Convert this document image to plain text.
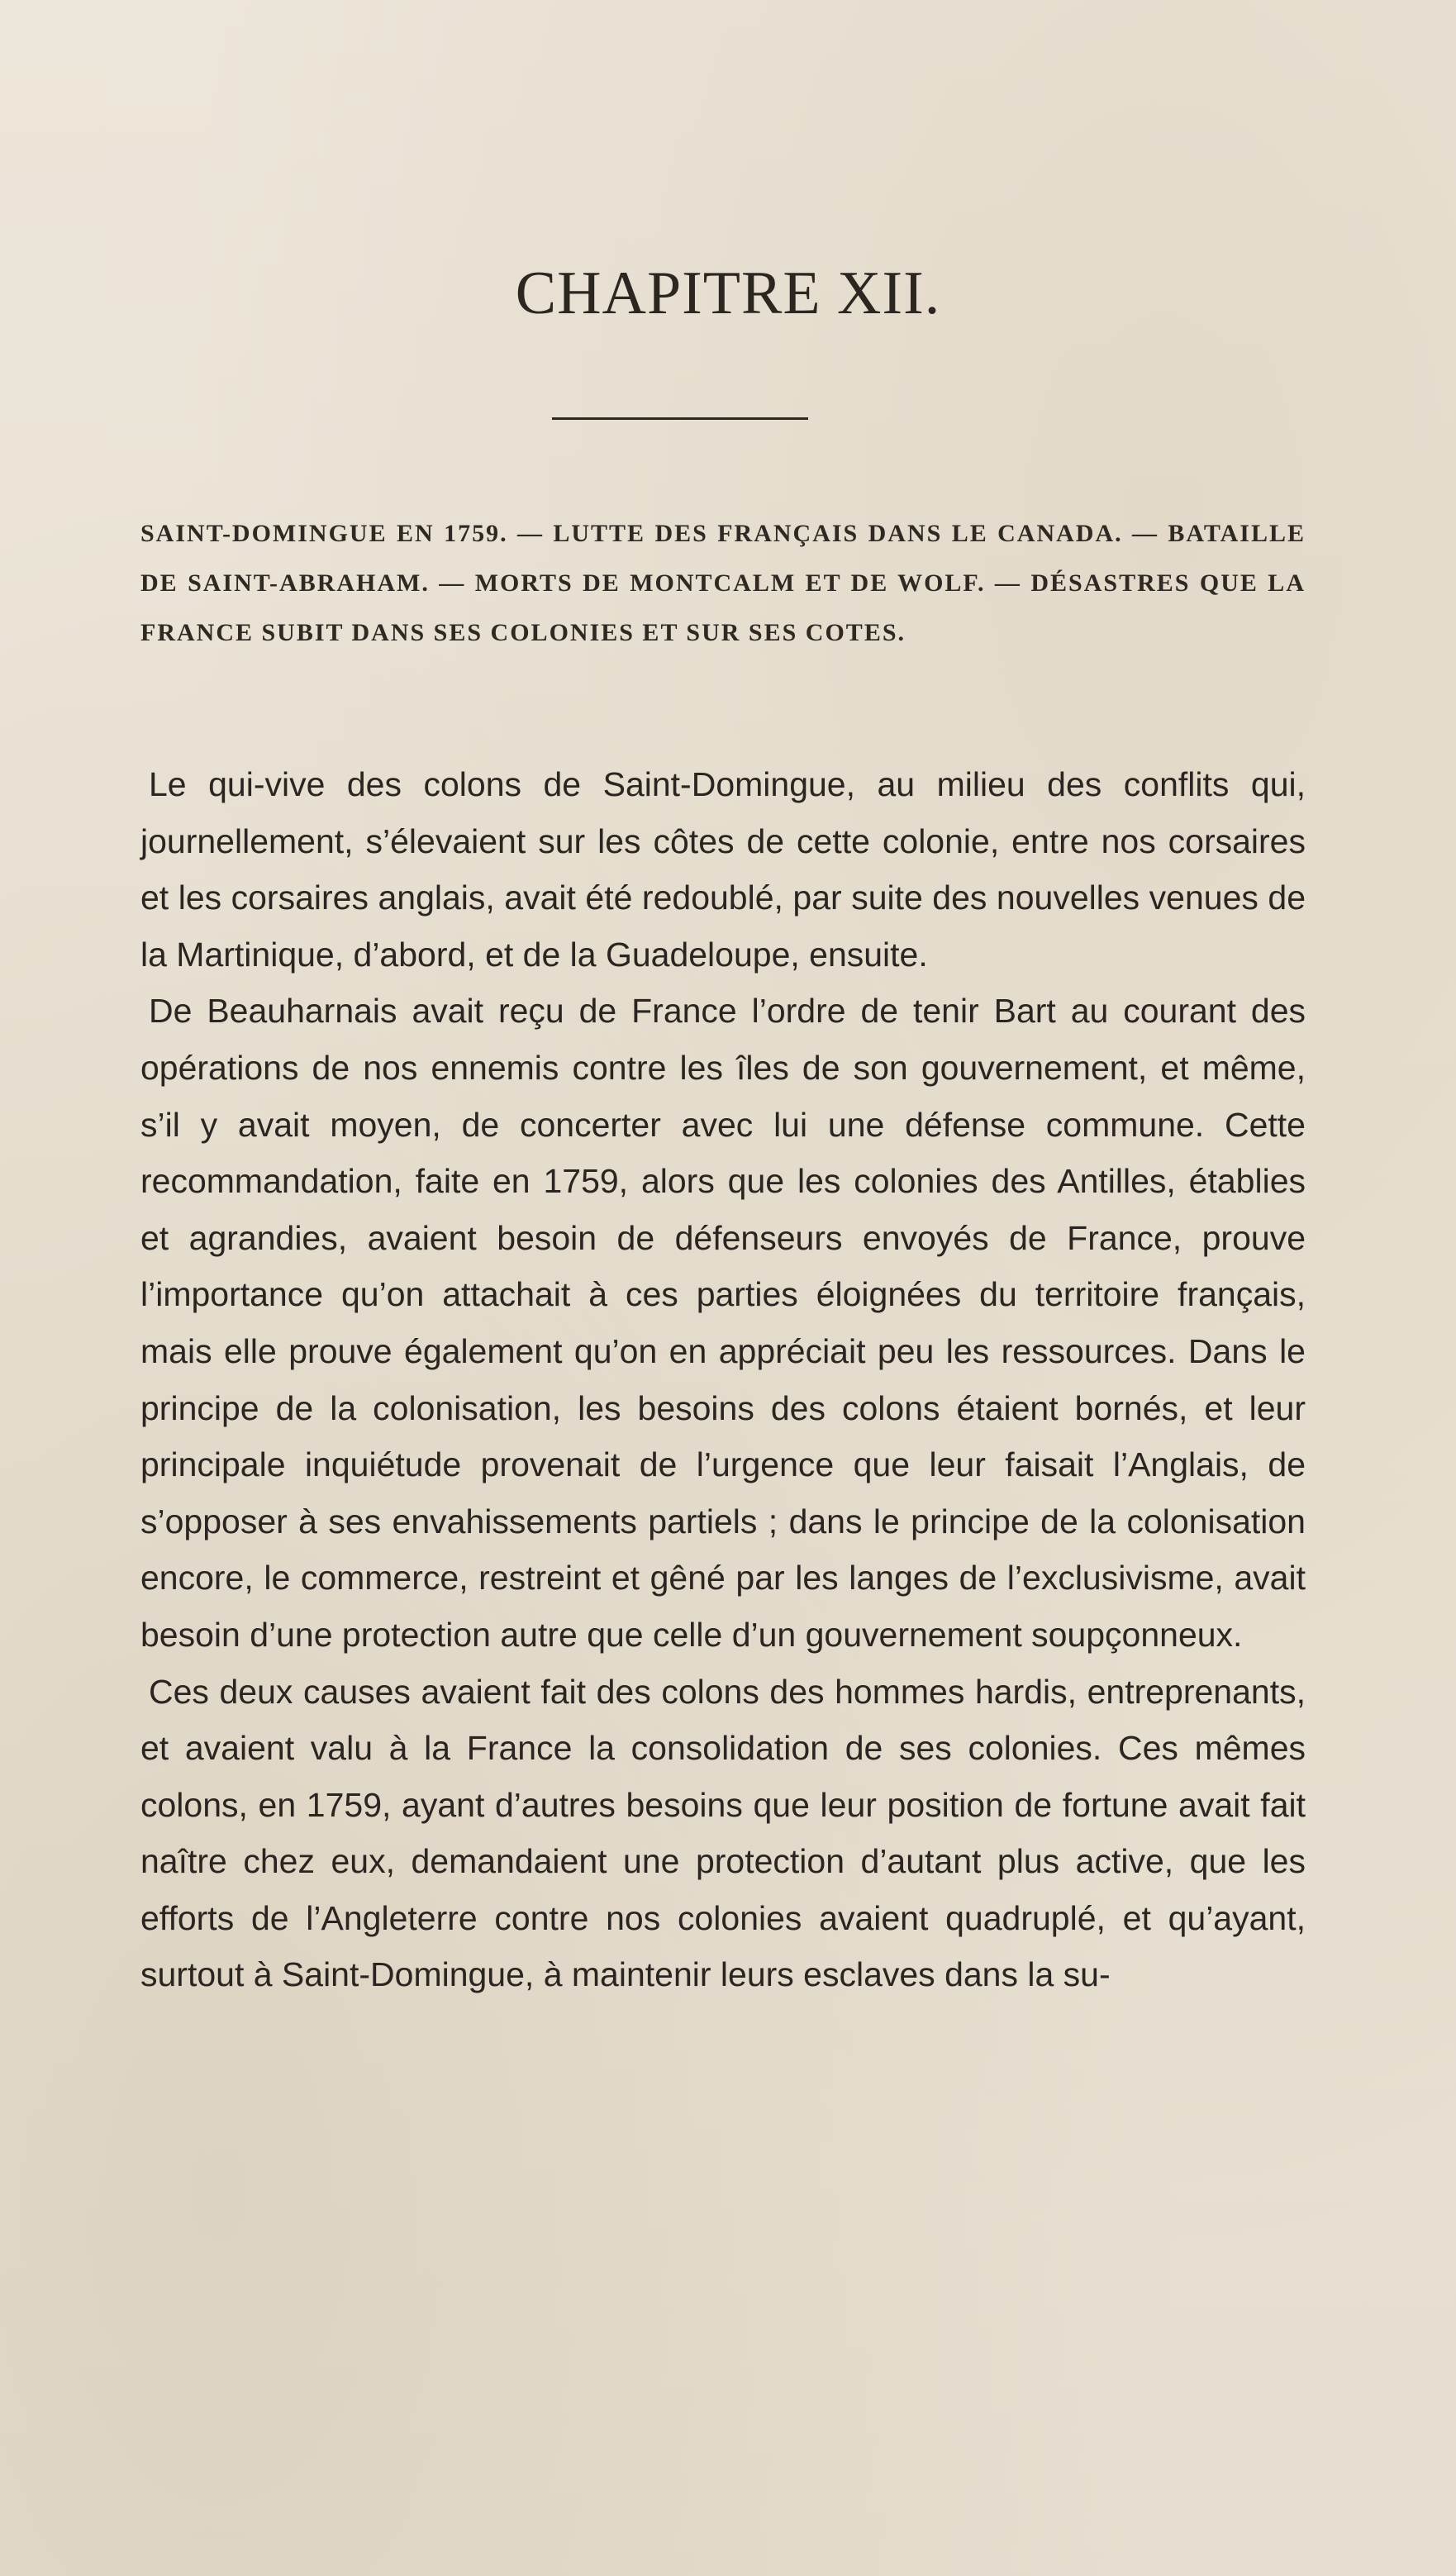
CHAPITRE XII.
SAINT-DOMINGUE EN 1759. — LUTTE DES FRANÇAIS DANS LE CANADA. — BATAILLE DE SAINT-ABRAHAM. — MORTS DE MONTCALM ET DE WOLF. — DÉSASTRES QUE LA FRANCE SUBIT DANS SES COLONIES ET SUR SES COTES.

Le qui-vive des colons de Saint-Domingue, au milieu des conflits qui, journellement, s’élevaient sur les côtes de cette colonie, entre nos corsaires et les corsaires anglais, avait été redoublé, par suite des nouvelles venues de la Martinique, d’abord, et de la Guadeloupe, ensuite.

De Beauharnais avait reçu de France l’ordre de tenir Bart au courant des opérations de nos ennemis contre les îles de son gouvernement, et même, s’il y avait moyen, de concerter avec lui une défense commune. Cette recommandation, faite en 1759, alors que les colonies des Antilles, établies et agrandies, avaient besoin de défenseurs envoyés de France, prouve l’importance qu’on attachait à ces parties éloignées du territoire français, mais elle prouve également qu’on en appréciait peu les ressources. Dans le principe de la colonisation, les besoins des colons étaient bornés, et leur principale inquiétude provenait de l’urgence que leur faisait l’Anglais, de s’opposer à ses envahissements partiels ; dans le principe de la colonisation encore, le commerce, restreint et gêné par les langes de l’exclusivisme, avait besoin d’une protection autre que celle d’un gouvernement soupçonneux.

Ces deux causes avaient fait des colons des hommes hardis, entreprenants, et avaient valu à la France la consolidation de ses colonies. Ces mêmes colons, en 1759, ayant d’autres besoins que leur position de fortune avait fait naître chez eux, demandaient une protection d’autant plus active, que les efforts de l’Angleterre contre nos colonies avaient quadruplé, et qu’ayant, surtout à Saint-Domingue, à maintenir leurs esclaves dans la su-
